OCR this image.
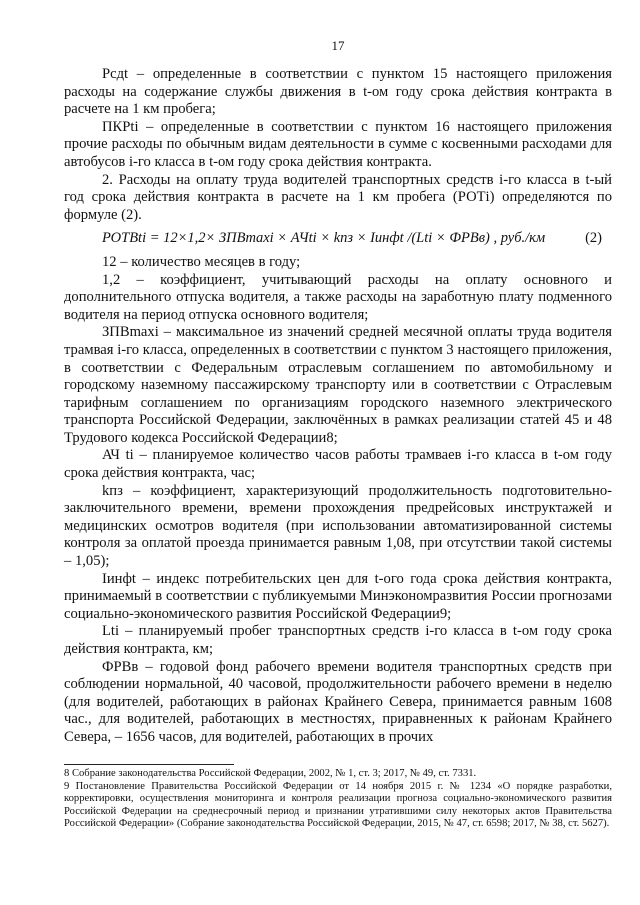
17

Рсдt – определенные в соответствии с пунктом 15 настоящего приложения расходы на содержание службы движения в t-ом году срока действия контракта в расчете на 1 км пробега;

ПКРti – определенные в соответствии с пунктом 16 настоящего приложения прочие расходы по обычным видам деятельности в сумме с косвенными расходами для автобусов i-го класса в t-ом году срока действия контракта.

2. Расходы на оплату труда водителей транспортных средств i-го класса в t-ый год срока действия контракта в расчете на 1 км пробега (РОТi) определяются по формуле (2).

РОТВti = 12×1,2× ЗПВmaxi × АЧti × kпз × Iинфt /(Lti × ФРВв) , руб./км	(2)

12 – количество месяцев в году;

1,2 – коэффициент, учитывающий расходы на оплату основного и дополнительного отпуска водителя, а также расходы на заработную плату подменного водителя на период отпуска основного водителя;

ЗПВmaxi – максимальное из значений средней месячной оплаты труда водителя трамвая i-го класса, определенных в соответствии с пунктом 3 настоящего приложения, в соответствии с Федеральным отраслевым соглашением по автомобильному и городскому наземному пассажирскому транспорту или в соответствии с Отраслевым тарифным соглашением по организациям городского наземного электрического транспорта Российской Федерации, заключённых в рамках реализации статей 45 и 48 Трудового кодекса Российской Федерации8;

АЧ ti – планируемое количество часов работы трамваев i-го класса в t-ом году срока действия контракта, час;

kпз – коэффициент, характеризующий продолжительность подготовительно-заключительного времени, времени прохождения предрейсовых инструктажей и медицинских осмотров водителя (при использовании автоматизированной системы контроля за оплатой проезда принимается равным 1,08, при отсутствии такой системы – 1,05);

Iинфt – индекс потребительских цен для t-ого года срока действия контракта, принимаемый в соответствии с публикуемыми Минэкономразвития России прогнозами социально-экономического развития Российской Федерации9;

Lti – планируемый пробег транспортных средств i-го класса в t-ом году срока действия контракта, км;

ФРВв – годовой фонд рабочего времени водителя транспортных средств при соблюдении нормальной, 40 часовой, продолжительности рабочего времени в неделю (для водителей, работающих в районах Крайнего Севера, принимается равным 1608 час., для водителей, работающих в местностях, приравненных к районам Крайнего Севера, – 1656 часов, для водителей, работающих в прочих

8 Собрание законодательства Российской Федерации, 2002, № 1, ст. 3; 2017, № 49, ст. 7331.

9 Постановление Правительства Российской Федерации от 14 ноября 2015 г. № 1234 «О порядке разработки, корректировки, осуществления мониторинга и контроля реализации прогноза социально-экономического развития Российской Федерации на среднесрочный период и признании утратившими силу некоторых актов Правительства Российской Федерации» (Собрание законодательства Российской Федерации, 2015, № 47, ст. 6598; 2017, № 38, ст. 5627).
